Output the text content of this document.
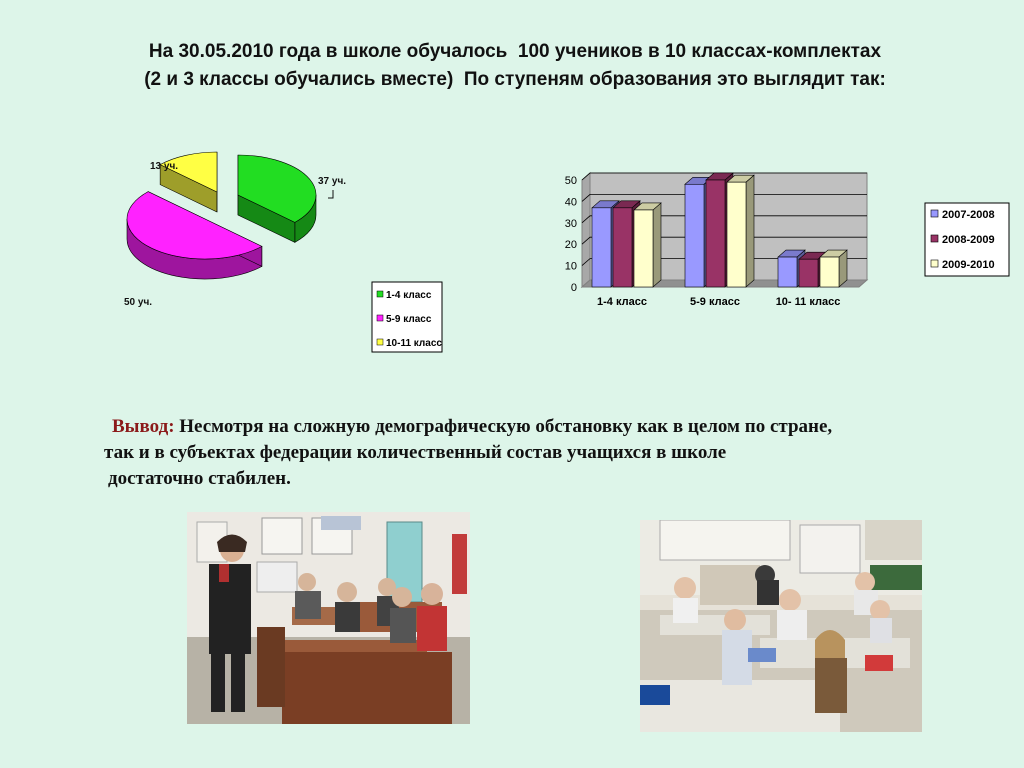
На 30.05.2010 года в школе обучалось  100 учеников в 10 классах-комплектах
(2 и 3 классы обучались вместе)  По ступеням образования это выглядит так:
37 уч.
50 уч.
13 уч.
1-4 класс
5-9 класс
10-11 класс
0
10
20
30
40
50
1-4 класс	5-9 класс	10- 11 класс
2007-2008
2008-2009
2009-2010
Вывод: Несмотря на сложную демографическую обстановку как в целом по стране,
так и в субъектах федерации количественный состав учащихся в школе
достаточно стабилен.
